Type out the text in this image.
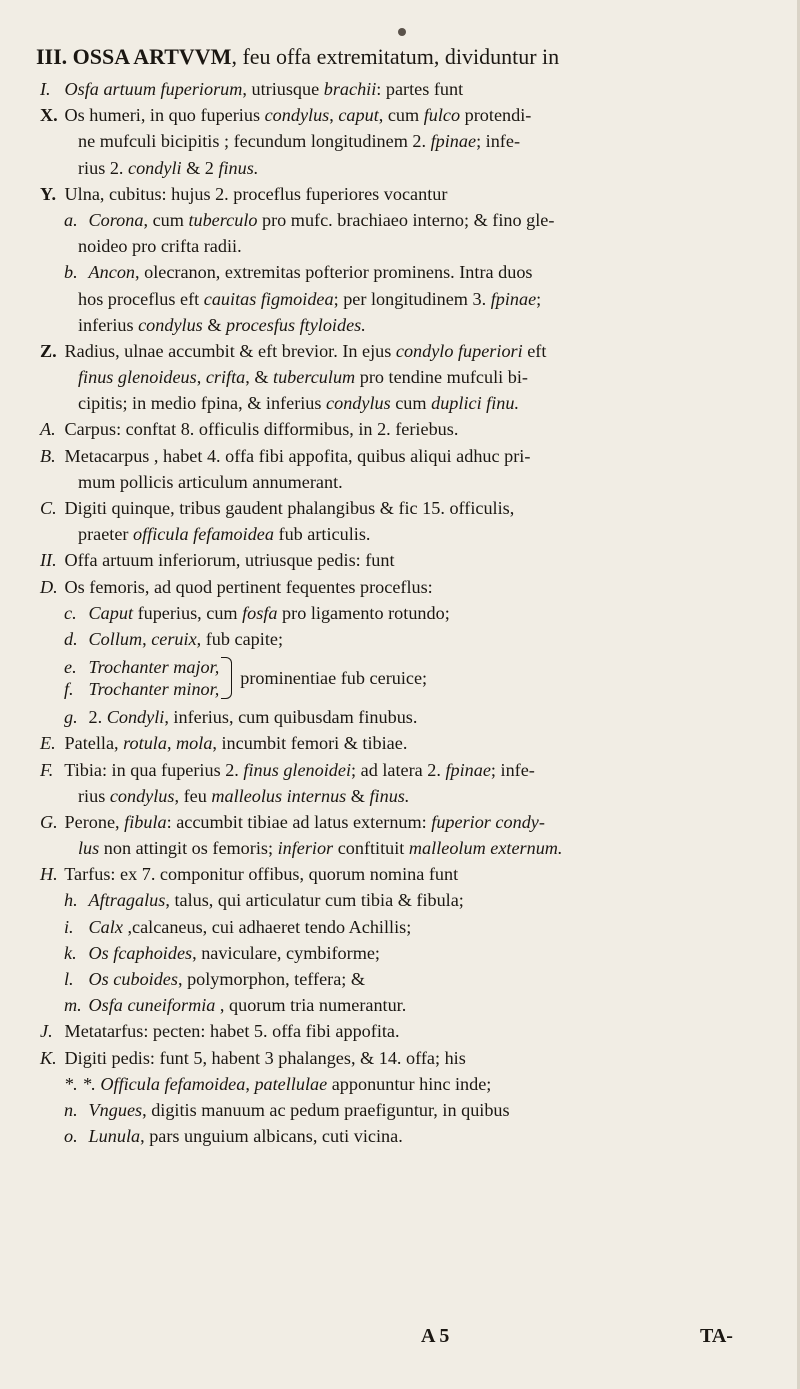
III. OSSA ARTVVM, feu offa extremitatum, dividuntur in
I. Osfa artuum fuperiorum, utriusque brachii: partes funt
X. Os humeri, in quo fuperius condylus, caput, cum fulco protendi-
ne mufculi bicipitis ; fecundum longitudinem 2. fpinae; infe-
rius 2. condyli & 2 finus.
Y. Ulna, cubitus: hujus 2. proceflus fuperiores vocantur
a. Corona, cum tuberculo pro mufc. brachiaeo interno; & fino gle-
noideo pro crifta radii.
b. Ancon, olecranon, extremitas pofterior prominens. Intra duos
hos proceflus eft cauitas figmoidea; per longitudinem 3. fpinae;
inferius condylus & procesfus ftyloides.
Z. Radius, ulnae accumbit & eft brevior. In ejus condylo fuperiori eft
finus glenoideus, crifta, & tuberculum pro tendine mufculi bi-
cipitis; in medio fpina, & inferius condylus cum duplici finu.
A. Carpus: conftat 8. officulis difformibus, in 2. feriebus.
B. Metacarpus , habet 4. offa fibi appofita, quibus aliqui adhuc pri-
mum pollicis articulum annumerant.
C. Digiti quinque, tribus gaudent phalangibus & fic 15. officulis,
praeter officula fefamoidea fub articulis.
II. Offa artuum inferiorum, utriusque pedis: funt
D. Os femoris, ad quod pertinent fequentes proceflus:
c. Caput fuperius, cum fosfa pro ligamento rotundo;
d. Collum, ceruix, fub capite;
e. Trochanter major,
f. Trochanter minor,
prominentiae fub ceruice;
g. 2. Condyli, inferius, cum quibusdam finubus.
E. Patella, rotula, mola, incumbit femori & tibiae.
F. Tibia: in qua fuperius 2. finus glenoidei; ad latera 2. fpinae; infe-
rius condylus, feu malleolus internus & finus.
G. Perone, fibula: accumbit tibiae ad latus externum: fuperior condy-
lus non attingit os femoris; inferior conftituit malleolum externum.
H. Tarfus: ex 7. componitur offibus, quorum nomina funt
h. Aftragalus, talus, qui articulatur cum tibia & fibula;
i. Calx ,calcaneus, cui adhaeret tendo Achillis;
k. Os fcaphoides, naviculare, cymbiforme;
l. Os cuboides, polymorphon, teffera; &
m. Osfa cuneiformia , quorum tria numerantur.
J. Metatarfus: pecten: habet 5. offa fibi appofita.
K. Digiti pedis: funt 5, habent 3 phalanges, & 14. offa; his
*. *. Officula fefamoidea, patellulae apponuntur hinc inde;
n. Vngues, digitis manuum ac pedum praefiguntur, in quibus
o. Lunula, pars unguium albicans, cuti vicina.
A 5	TA-
